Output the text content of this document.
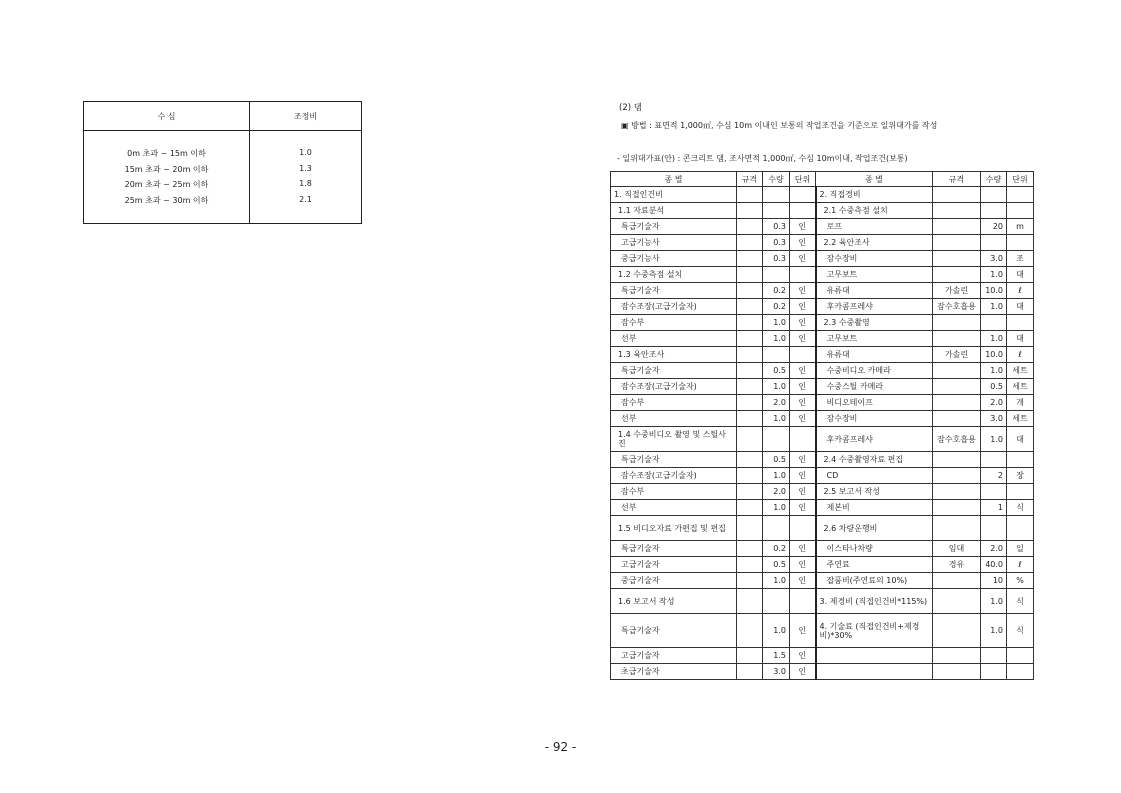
수 심	조정비
0m 초과 ~ 15m 이하	1.0
15m 초과 ~ 20m 이하	1.3
20m 초과 ~ 25m 이하	1.8
25m 초과 ~ 30m 이하	2.1
(2) 댐
▣ 방법 : 표면적 1,000㎡, 수심 10m 이내인 보통의 작업조건을 기준으로 일위대가를 작성
- 일위대가표(안) : 콘크리트 댐, 조사면적 1,000㎡, 수심 10m이내, 작업조건(보통)
종 별	규격	수량	단위	종 별	규격	수량	단위
1. 직접인건비				2. 직접경비			
1.1 자료분석				2.1 수중측점 설치			
특급기술자		0.3	인	로프		20	m
고급기능사		0.3	인	2.2 육안조사			
중급기능사		0.3	인	잠수장비		3.0	조
1.2 수중측점 설치				고무보트		1.0	대
특급기술자		0.2	인	유류대	가솔린	10.0	ℓ
잠수조장(고급기술자)		0.2	인	후카콤프레샤	잠수호흡용	1.0	대
잠수부		1.0	인	2.3 수중촬영			
선부		1.0	인	고무보트		1.0	대
1.3 육안조사				유류대	가솔린	10.0	ℓ
특급기술자		0.5	인	수중비디오 카메라		1.0	세트
잠수조장(고급기술자)		1.0	인	수중스틸 카메라		0.5	세트
잠수부		2.0	인	비디오테이프		2.0	개
선부		1.0	인	잠수장비		3.0	세트
1.4 수중비디오 촬영 및 스틸사진				후카콤프레샤	잠수호흡용	1.0	대
특급기술자		0.5	인	2.4 수중촬영자료 편집			
잠수조장(고급기술자)		1.0	인	CD		2	장
잠수부		2.0	인	2.5 보고서 작성			
선부		1.0	인	제본비		1	식
1.5 비디오자료 가편집 및 편집				2.6 차량운행비			
특급기술자		0.2	인	이스타나차량	임대	2.0	일
고급기술자		0.5	인	주연료	경유	40.0	ℓ
중급기술자		1.0	인	잡품비(주연료의 10%)		10	%
1.6 보고서 작성				3. 제경비 (직접인건비*115%)		1.0	식
특급기술자		1.0	인	4. 기술료 (직접인건비+제경비)*30%		1.0	식
고급기술자		1.5	인				
초급기술자		3.0	인				
- 92 -
